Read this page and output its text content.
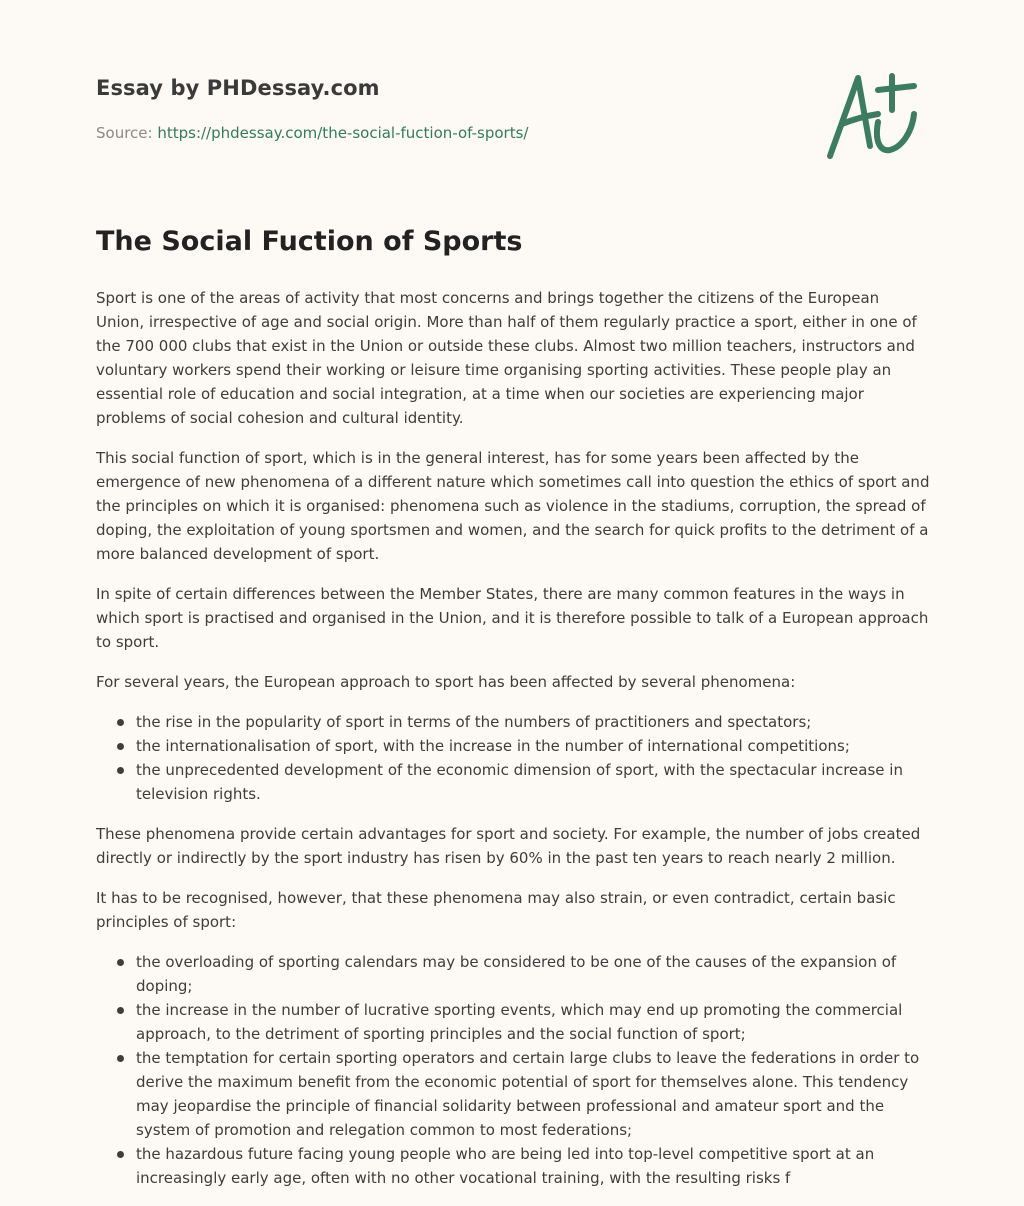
Essay by PHDessay.com
Source: https://phdessay.com/the-social-fuction-of-sports/
The Social Fuction of Sports

Sport is one of the areas of activity that most concerns and brings together the citizens of the European Union, irrespective of age and social origin. More than half of them regularly practice a sport, either in one of the 700 000 clubs that exist in the Union or outside these clubs. Almost two million teachers, instructors and voluntary workers spend their working or leisure time organising sporting activities. These people play an essential role of education and social integration, at a time when our societies are experiencing major problems of social cohesion and cultural identity.

This social function of sport, which is in the general interest, has for some years been affected by the emergence of new phenomena of a different nature which sometimes call into question the ethics of sport and the principles on which it is organised: phenomena such as violence in the stadiums, corruption, the spread of doping, the exploitation of young sportsmen and women, and the search for quick profits to the detriment of a more balanced development of sport.

In spite of certain differences between the Member States, there are many common features in the ways in which sport is practised and organised in the Union, and it is therefore possible to talk of a European approach to sport.

For several years, the European approach to sport has been affected by several phenomena:

the rise in the popularity of sport in terms of the numbers of practitioners and spectators;
the internationalisation of sport, with the increase in the number of international competitions;
the unprecedented development of the economic dimension of sport, with the spectacular increase in television rights.

These phenomena provide certain advantages for sport and society. For example, the number of jobs created directly or indirectly by the sport industry has risen by 60% in the past ten years to reach nearly 2 million.

It has to be recognised, however, that these phenomena may also strain, or even contradict, certain basic principles of sport:

the overloading of sporting calendars may be considered to be one of the causes of the expansion of doping;
the increase in the number of lucrative sporting events, which may end up promoting the commercial approach, to the detriment of sporting principles and the social function of sport;
the temptation for certain sporting operators and certain large clubs to leave the federations in order to derive the maximum benefit from the economic potential of sport for themselves alone. This tendency may jeopardise the principle of financial solidarity between professional and amateur sport and the system of promotion and relegation common to most federations;
the hazardous future facing young people who are being led into top-level competitive sport at an increasingly early age, often with no other vocational training, with the resulting risks f
